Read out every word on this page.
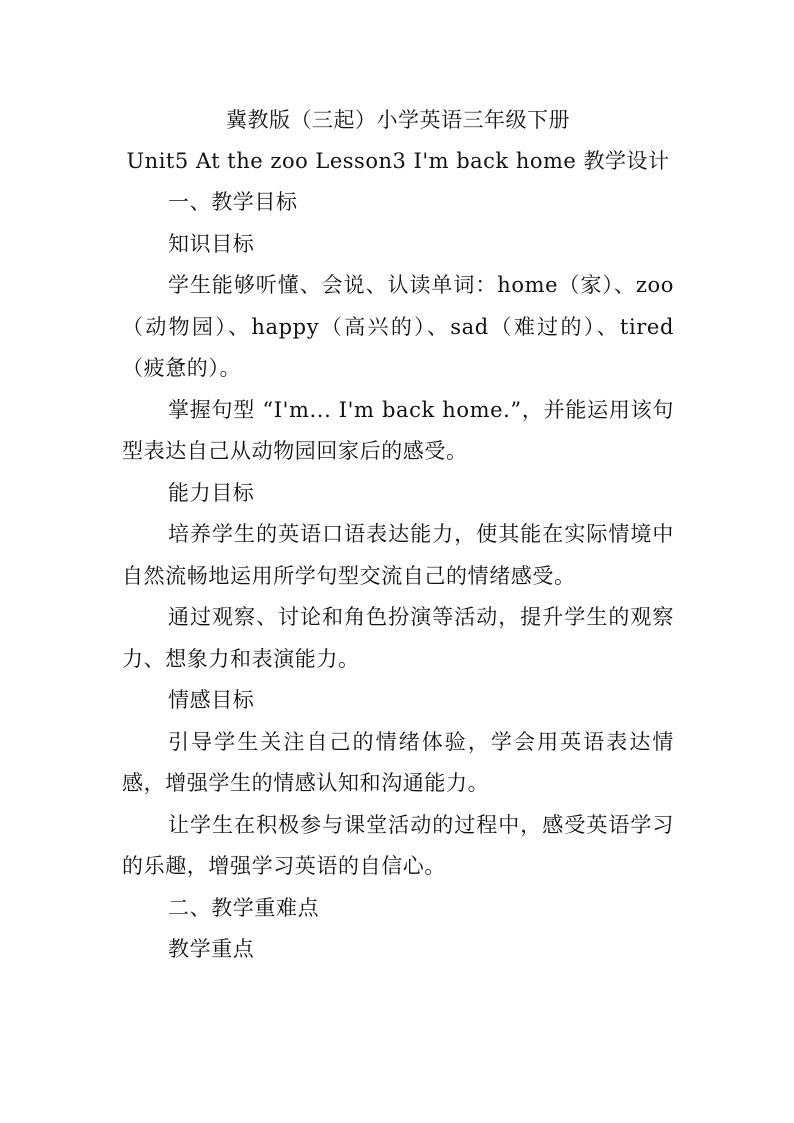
冀教版（三起）小学英语三年级下册
Unit5 At the zoo Lesson3 I'm back home 教学设计

一、教学目标

知识目标

学生能够听懂、会说、认读单词：home（家）、zoo（动物园）、happy（高兴的）、sad（难过的）、tired（疲惫的）。

掌握句型 “I'm... I'm back home.”，并能运用该句型表达自己从动物园回家后的感受。

能力目标

培养学生的英语口语表达能力，使其能在实际情境中自然流畅地运用所学句型交流自己的情绪感受。

通过观察、讨论和角色扮演等活动，提升学生的观察力、想象力和表演能力。

情感目标

引导学生关注自己的情绪体验，学会用英语表达情感，增强学生的情感认知和沟通能力。

让学生在积极参与课堂活动的过程中，感受英语学习的乐趣，增强学习英语的自信心。

二、教学重难点

教学重点
